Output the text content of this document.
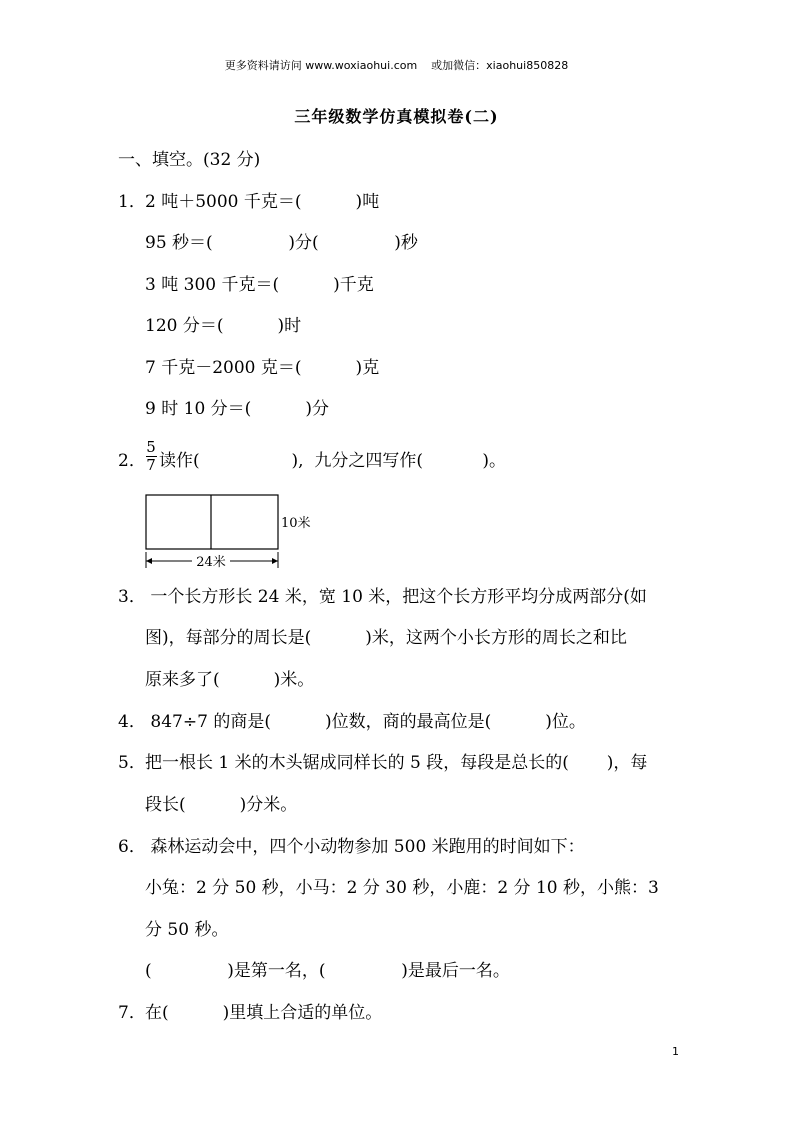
更多资料请访问 www.woxiaohui.com    或加微信：xiaohui850828
三年级数学仿真模拟卷(二)
一、填空。(32 分)
1． 2 吨＋5000 千克＝(          )吨
95 秒＝(              )分(              )秒
3 吨 300 千克＝(          )千克
120 分＝(          )时
7 千克－2000 克＝(          )克
9 时 10 分＝(          )分
2．
5
7 读作(                 ),  九分之四写作(           )。
24米
10米
3． 一个长方形长 24 米，宽 10 米，把这个长方形平均分成两部分(如
图)，每部分的周长是(          )米，这两个小长方形的周长之和比
原来多了(          )米。
4． 847÷7 的商是(          )位数，商的最高位是(          )位。
5． 把一根长 1 米的木头锯成同样长的 5 段，每段是总长的(       )，每
段长(          )分米。
6． 森林运动会中，四个小动物参加 500 米跑用的时间如下：
小兔：2 分 50 秒，小马：2 分 30 秒，小鹿：2 分 10 秒，小熊：3
分 50 秒。
(              )是第一名，(              )是最后一名。
7． 在(          )里填上合适的单位。
1
